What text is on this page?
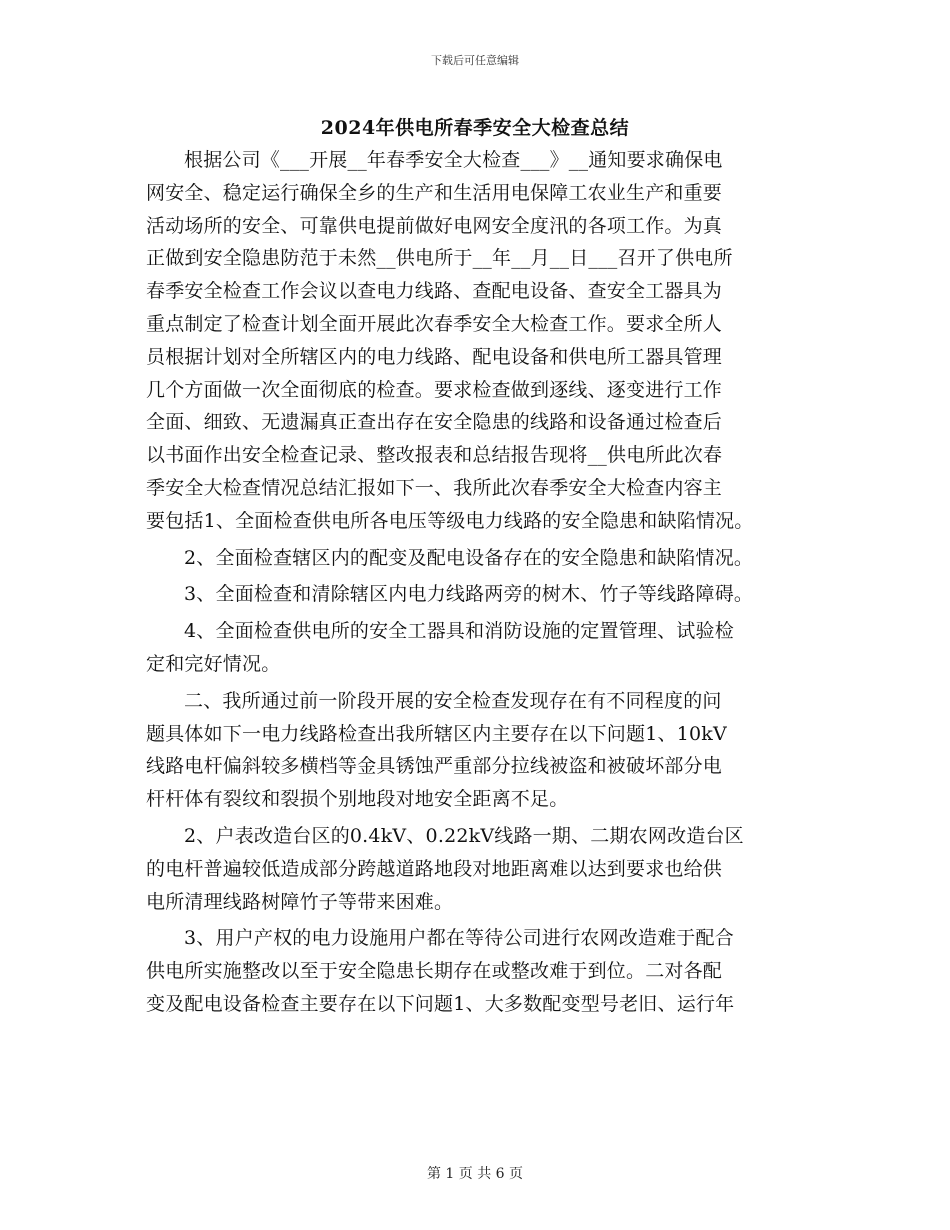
下载后可任意编辑
2024年供电所春季安全大检查总结
根据公司《___开展__年春季安全大检查___》__通知要求确保电
网安全、稳定运行确保全乡的生产和生活用电保障工农业生产和重要
活动场所的安全、可靠供电提前做好电网安全度汛的各项工作。为真
正做到安全隐患防范于未然__供电所于__年__月__日___召开了供电所
春季安全检查工作会议以查电力线路、查配电设备、查安全工器具为
重点制定了检查计划全面开展此次春季安全大检查工作。要求全所人
员根据计划对全所辖区内的电力线路、配电设备和供电所工器具管理
几个方面做一次全面彻底的检查。要求检查做到逐线、逐变进行工作
全面、细致、无遗漏真正查出存在安全隐患的线路和设备通过检查后
以书面作出安全检查记录、整改报表和总结报告现将__供电所此次春
季安全大检查情况总结汇报如下一、我所此次春季安全大检查内容主
要包括1、全面检查供电所各电压等级电力线路的安全隐患和缺陷情况。
2、全面检查辖区内的配变及配电设备存在的安全隐患和缺陷情况。
3、全面检查和清除辖区内电力线路两旁的树木、竹子等线路障碍。
4、全面检查供电所的安全工器具和消防设施的定置管理、试验检
定和完好情况。
二、我所通过前一阶段开展的安全检查发现存在有不同程度的问
题具体如下一电力线路检查出我所辖区内主要存在以下问题1、10kV
线路电杆偏斜较多横档等金具锈蚀严重部分拉线被盗和被破坏部分电
杆杆体有裂纹和裂损个别地段对地安全距离不足。
2、户表改造台区的0.4kV、0.22kV线路一期、二期农网改造台区
的电杆普遍较低造成部分跨越道路地段对地距离难以达到要求也给供
电所清理线路树障竹子等带来困难。
3、用户产权的电力设施用户都在等待公司进行农网改造难于配合
供电所实施整改以至于安全隐患长期存在或整改难于到位。二对各配
变及配电设备检查主要存在以下问题1、大多数配变型号老旧、运行年
第 1 页 共 6 页
